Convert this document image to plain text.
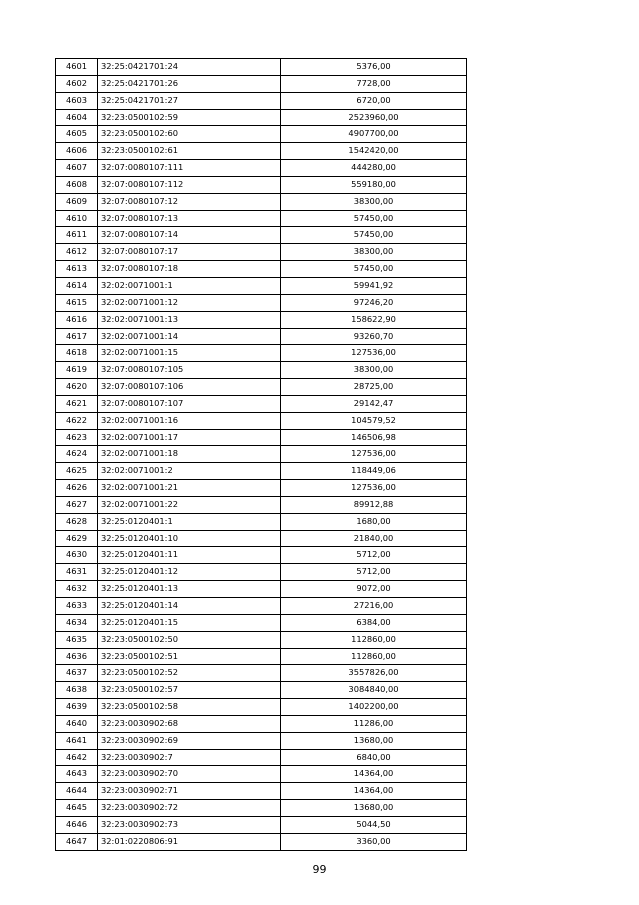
4601	32:25:0421701:24	5376,00
4602	32:25:0421701:26	7728,00
4603	32:25:0421701:27	6720,00
4604	32:23:0500102:59	2523960,00
4605	32:23:0500102:60	4907700,00
4606	32:23:0500102:61	1542420,00
4607	32:07:0080107:111	444280,00
4608	32:07:0080107:112	559180,00
4609	32:07:0080107:12	38300,00
4610	32:07:0080107:13	57450,00
4611	32:07:0080107:14	57450,00
4612	32:07:0080107:17	38300,00
4613	32:07:0080107:18	57450,00
4614	32:02:0071001:1	59941,92
4615	32:02:0071001:12	97246,20
4616	32:02:0071001:13	158622,90
4617	32:02:0071001:14	93260,70
4618	32:02:0071001:15	127536,00
4619	32:07:0080107:105	38300,00
4620	32:07:0080107:106	28725,00
4621	32:07:0080107:107	29142,47
4622	32:02:0071001:16	104579,52
4623	32:02:0071001:17	146506,98
4624	32:02:0071001:18	127536,00
4625	32:02:0071001:2	118449,06
4626	32:02:0071001:21	127536,00
4627	32:02:0071001:22	89912,88
4628	32:25:0120401:1	1680,00
4629	32:25:0120401:10	21840,00
4630	32:25:0120401:11	5712,00
4631	32:25:0120401:12	5712,00
4632	32:25:0120401:13	9072,00
4633	32:25:0120401:14	27216,00
4634	32:25:0120401:15	6384,00
4635	32:23:0500102:50	112860,00
4636	32:23:0500102:51	112860,00
4637	32:23:0500102:52	3557826,00
4638	32:23:0500102:57	3084840,00
4639	32:23:0500102:58	1402200,00
4640	32:23:0030902:68	11286,00
4641	32:23:0030902:69	13680,00
4642	32:23:0030902:7	6840,00
4643	32:23:0030902:70	14364,00
4644	32:23:0030902:71	14364,00
4645	32:23:0030902:72	13680,00
4646	32:23:0030902:73	5044,50
4647	32:01:0220806:91	3360,00
99
